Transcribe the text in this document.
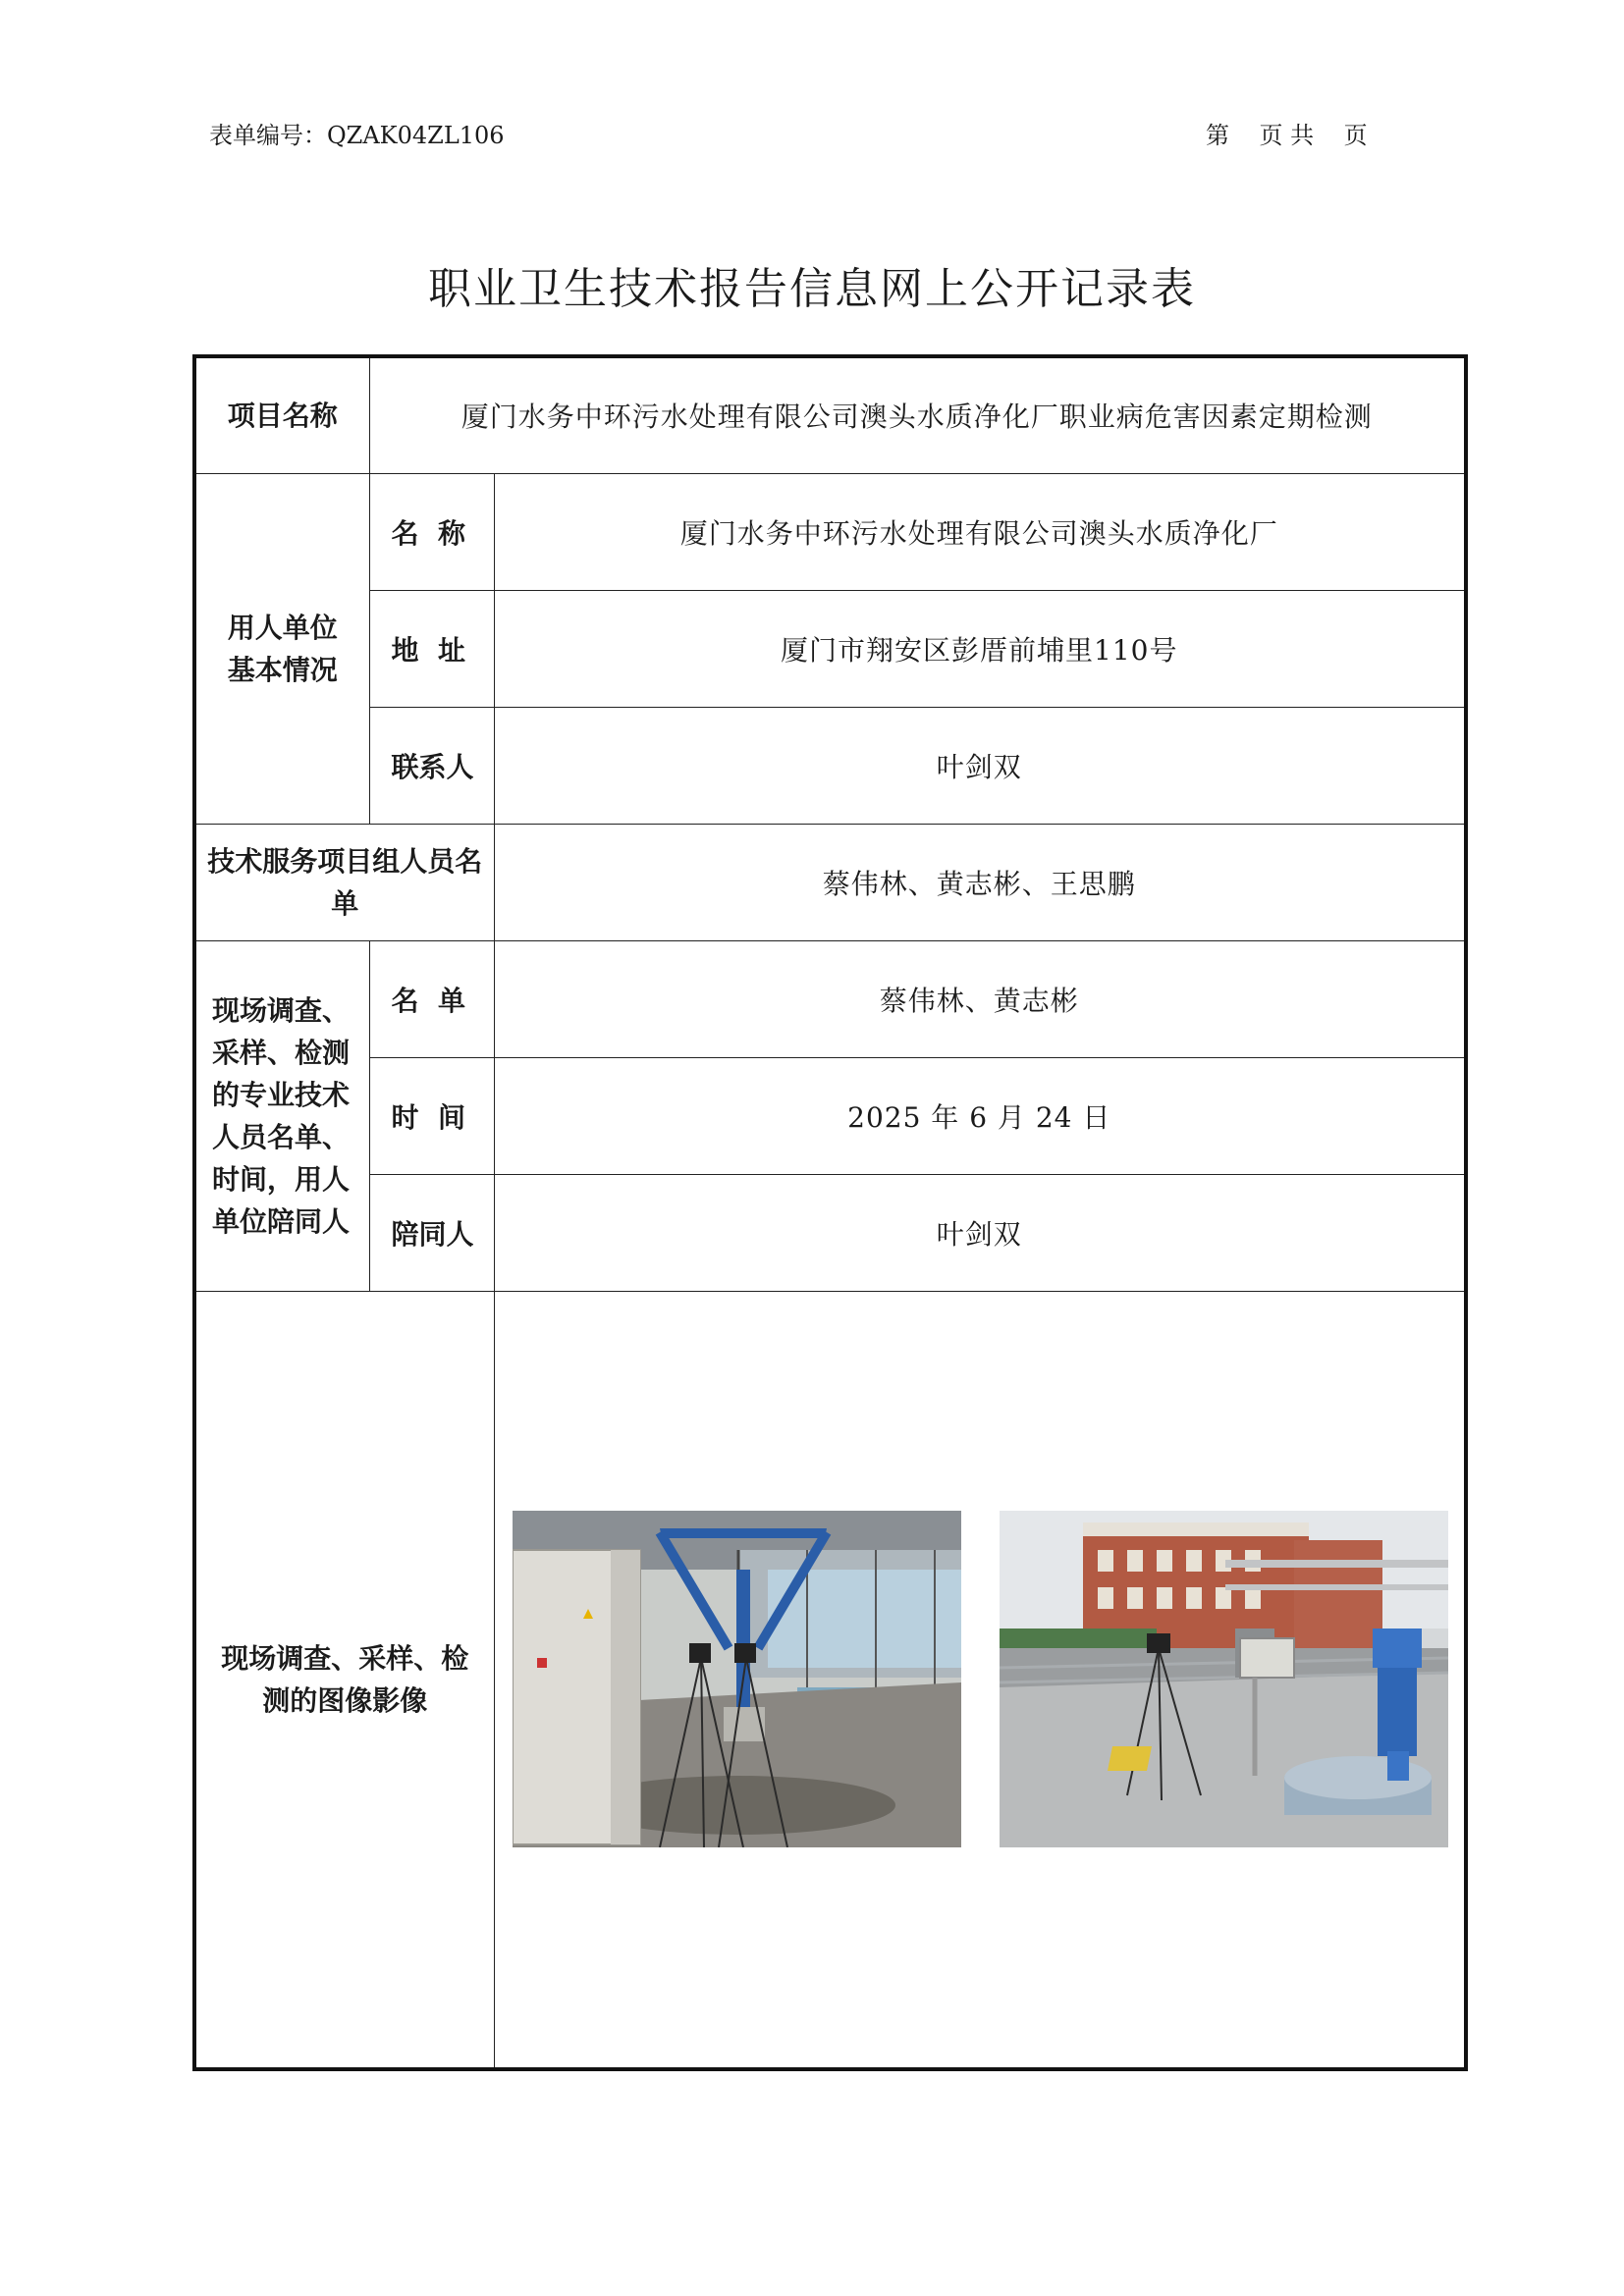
表单编号：QZAK04ZL106	第    页 共    页
职业卫生技术报告信息网上公开记录表
项目名称	厦门水务中环污水处理有限公司澳头水质净化厂职业病危害因素定期检测	

用人单位
基本情况	名  称	厦门水务中环污水处理有限公司澳头水质净化厂
	地  址	厦门市翔安区彭厝前埔里110号
	联系人	叶剑双

技术服务项目组人员名单		蔡伟林、黄志彬、王思鹏

现场调查、采样、检测的专业技术人员名单、时间，用人单位陪同人	名  单	蔡伟林、黄志彬
	时  间	2025 年 6 月 24 日
	陪同人	叶剑双

现场调查、采样、检测的图像影像
